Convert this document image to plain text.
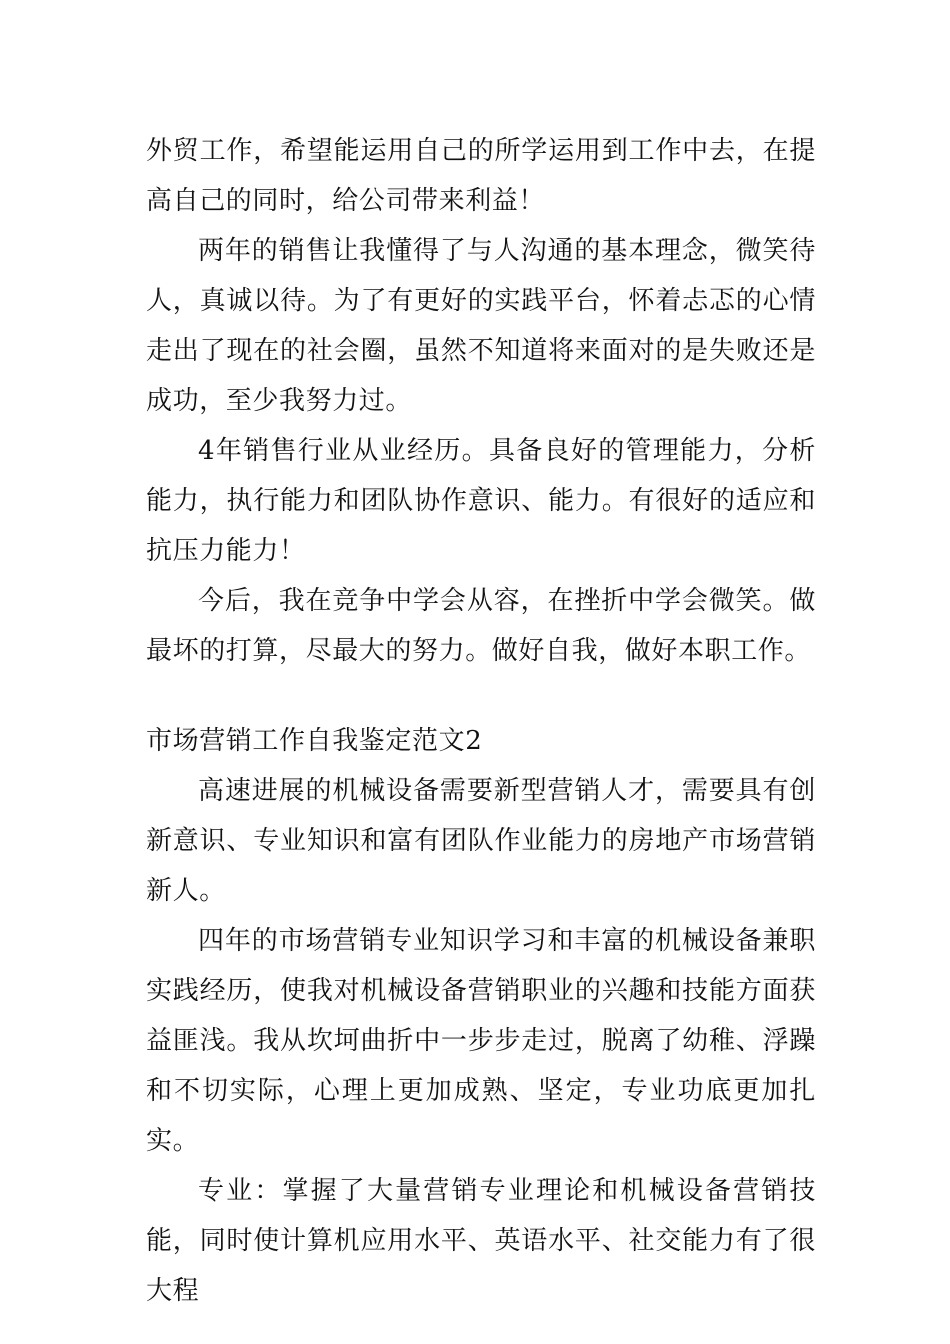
外贸工作，希望能运用自己的所学运用到工作中去，在提高自己的同时，给公司带来利益！

两年的销售让我懂得了与人沟通的基本理念，微笑待人，真诚以待。为了有更好的实践平台，怀着忐忑的心情走出了现在的社会圈，虽然不知道将来面对的是失败还是成功，至少我努力过。

4年销售行业从业经历。具备良好的管理能力，分析能力，执行能力和团队协作意识、能力。有很好的适应和抗压力能力！

今后，我在竞争中学会从容，在挫折中学会微笑。做最坏的打算，尽最大的努力。做好自我，做好本职工作。

市场营销工作自我鉴定范文2

高速进展的机械设备需要新型营销人才，需要具有创新意识、专业知识和富有团队作业能力的房地产市场营销新人。

四年的市场营销专业知识学习和丰富的机械设备兼职实践经历，使我对机械设备营销职业的兴趣和技能方面获益匪浅。我从坎坷曲折中一步步走过，脱离了幼稚、浮躁和不切实际，心理上更加成熟、坚定，专业功底更加扎实。

专业：掌握了大量营销专业理论和机械设备营销技能，同时使计算机应用水平、英语水平、社交能力有了很大程
